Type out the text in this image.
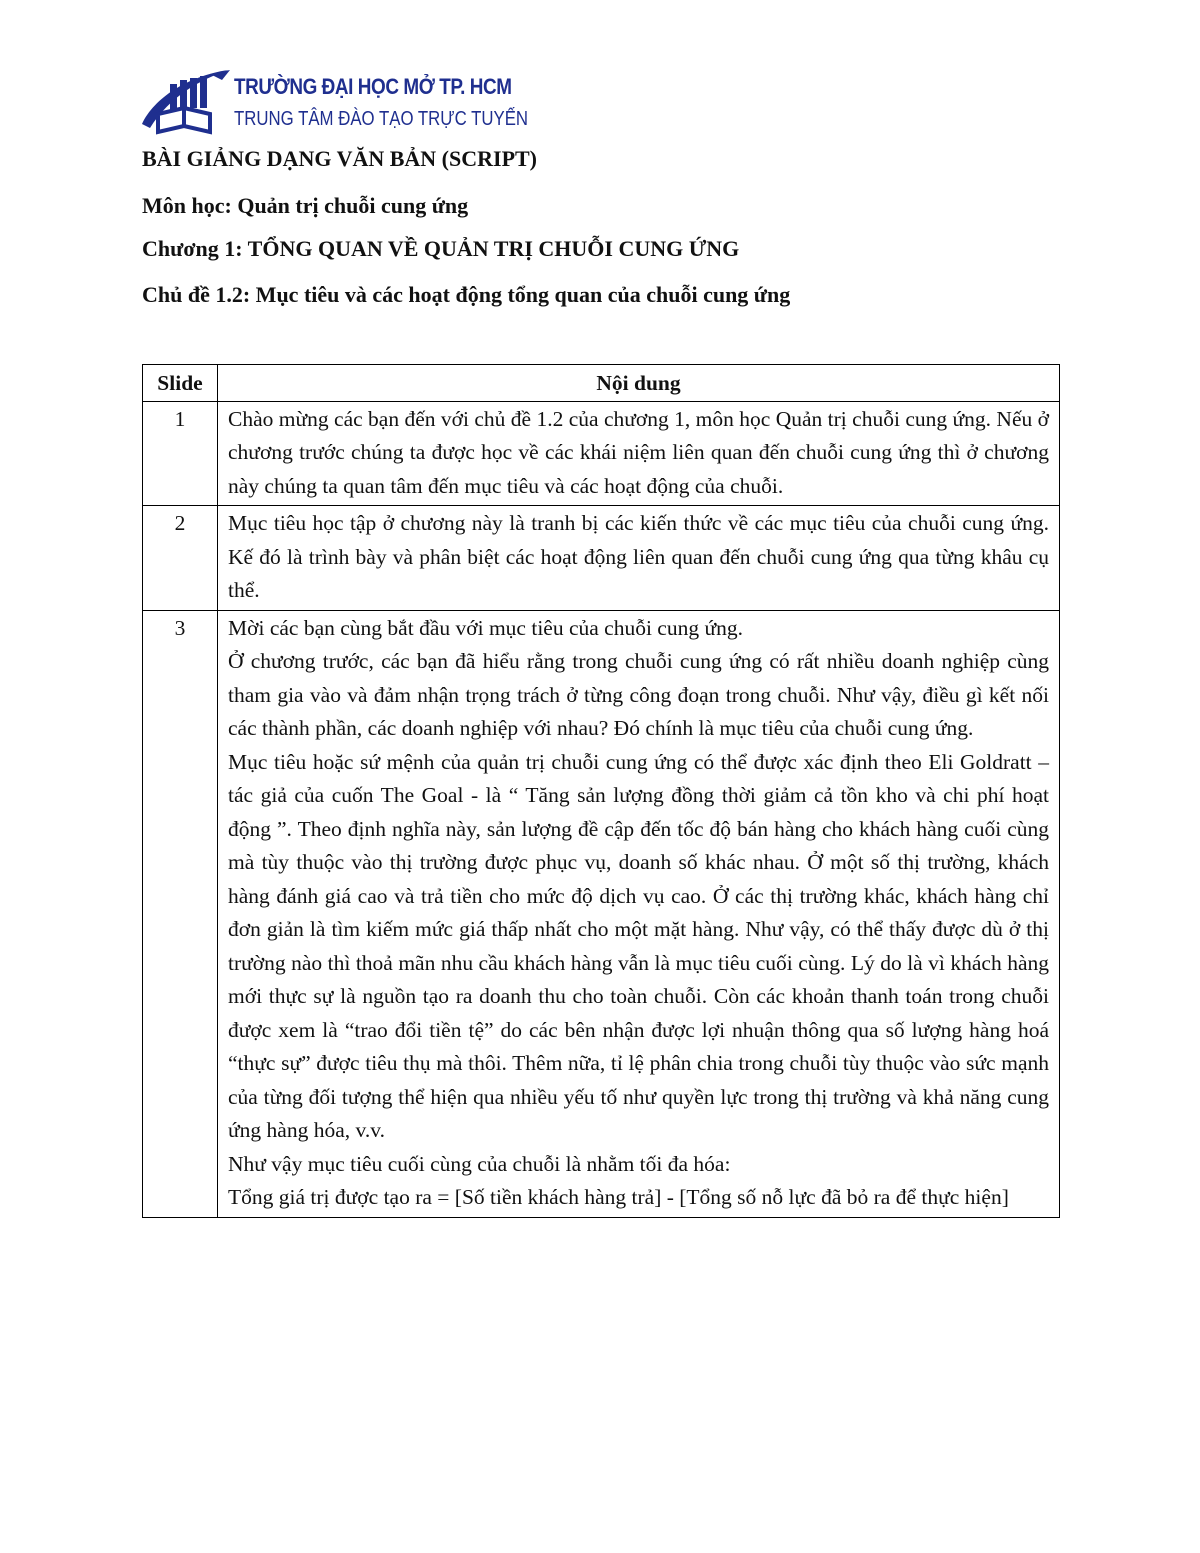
TRƯỜNG ĐẠI HỌC MỞ TP. HCM
TRUNG TÂM ĐÀO TẠO TRỰC TUYẾN
BÀI GIẢNG DẠNG VĂN BẢN (SCRIPT)
Môn học: Quản trị chuỗi cung ứng
Chương 1: TỔNG QUAN VỀ QUẢN TRỊ CHUỖI CUNG ỨNG
Chủ đề 1.2: Mục tiêu và các hoạt động tổng quan của chuỗi cung ứng
Slide	Nội dung
1	Chào mừng các bạn đến với chủ đề 1.2 của chương 1, môn học Quản trị chuỗi cung ứng. Nếu ở chương trước chúng ta được học về các khái niệm liên quan đến chuỗi cung ứng thì ở chương này chúng ta quan tâm đến mục tiêu và các hoạt động của chuỗi.

2	Mục tiêu học tập ở chương này là tranh bị các kiến thức về các mục tiêu của chuỗi cung ứng. Kế đó là trình bày và phân biệt các hoạt động liên quan đến chuỗi cung ứng qua từng khâu cụ thể.

3	Mời các bạn cùng bắt đầu với mục tiêu của chuỗi cung ứng.

Ở chương trước, các bạn đã hiểu rằng trong chuỗi cung ứng có rất nhiều doanh nghiệp cùng tham gia vào và đảm nhận trọng trách ở từng công đoạn trong chuỗi. Như vậy, điều gì kết nối các thành phần, các doanh nghiệp với nhau? Đó chính là mục tiêu của chuỗi cung ứng.

Mục tiêu hoặc sứ mệnh của quản trị chuỗi cung ứng có thể được xác định theo Eli Goldratt – tác giả của cuốn The Goal - là “ Tăng sản lượng đồng thời giảm cả tồn kho và chi phí hoạt động ”. Theo định nghĩa này, sản lượng đề cập đến tốc độ bán hàng cho khách hàng cuối cùng mà tùy thuộc vào thị trường được phục vụ, doanh số khác nhau. Ở một số thị trường, khách hàng đánh giá cao và trả tiền cho mức độ dịch vụ cao. Ở các thị trường khác, khách hàng chỉ đơn giản là tìm kiếm mức giá thấp nhất cho một mặt hàng. Như vậy, có thể thấy được dù ở thị trường nào thì thoả mãn nhu cầu khách hàng vẫn là mục tiêu cuối cùng. Lý do là vì khách hàng mới thực sự là nguồn tạo ra doanh thu cho toàn chuỗi. Còn các khoản thanh toán trong chuỗi được xem là “trao đổi tiền tệ” do các bên nhận được lợi nhuận thông qua số lượng hàng hoá “thực sự” được tiêu thụ mà thôi. Thêm nữa, tỉ lệ phân chia trong chuỗi tùy thuộc vào sức mạnh của từng đối tượng thể hiện qua nhiều yếu tố như quyền lực trong thị trường và khả năng cung ứng hàng hóa, v.v.

Như vậy mục tiêu cuối cùng của chuỗi là nhằm tối đa hóa:

Tổng giá trị được tạo ra = [Số tiền khách hàng trả] - [Tổng số nỗ lực đã bỏ ra để thực hiện]
